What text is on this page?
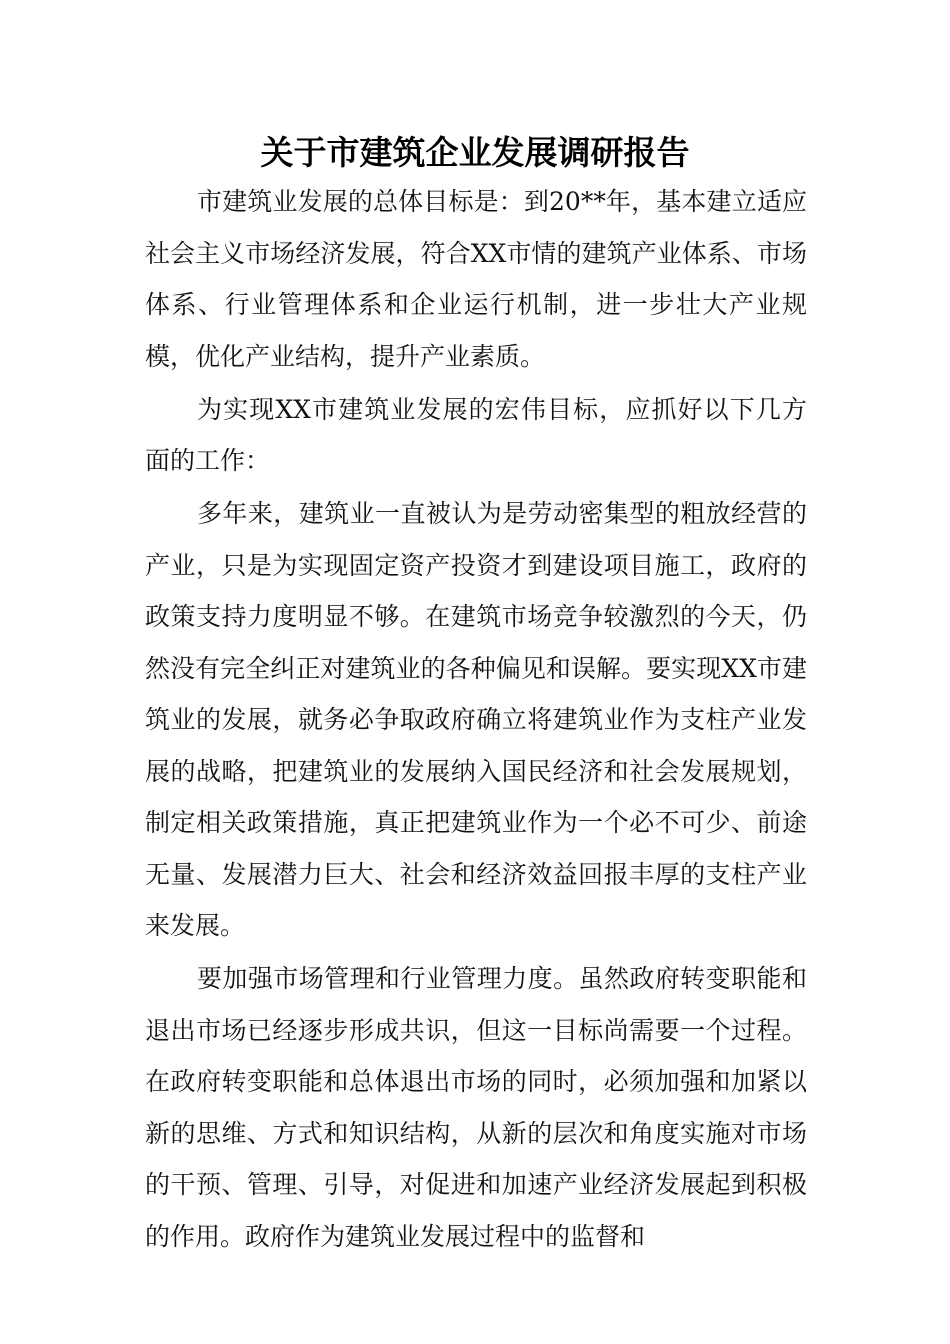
关于市建筑企业发展调研报告

市建筑业发展的总体目标是：到20**年，基本建立适应社会主义市场经济发展，符合XX市情的建筑产业体系、市场体系、行业管理体系和企业运行机制，进一步壮大产业规模，优化产业结构，提升产业素质。

为实现XX市建筑业发展的宏伟目标，应抓好以下几方面的工作：

多年来，建筑业一直被认为是劳动密集型的粗放经营的产业，只是为实现固定资产投资才到建设项目施工，政府的政策支持力度明显不够。在建筑市场竞争较激烈的今天，仍然没有完全纠正对建筑业的各种偏见和误解。要实现XX市建筑业的发展，就务必争取政府确立将建筑业作为支柱产业发展的战略，把建筑业的发展纳入国民经济和社会发展规划，制定相关政策措施，真正把建筑业作为一个必不可少、前途无量、发展潜力巨大、社会和经济效益回报丰厚的支柱产业来发展。

要加强市场管理和行业管理力度。虽然政府转变职能和退出市场已经逐步形成共识，但这一目标尚需要一个过程。在政府转变职能和总体退出市场的同时，必须加强和加紧以新的思维、方式和知识结构，从新的层次和角度实施对市场的干预、管理、引导，对促进和加速产业经济发展起到积极的作用。政府作为建筑业发展过程中的监督和
